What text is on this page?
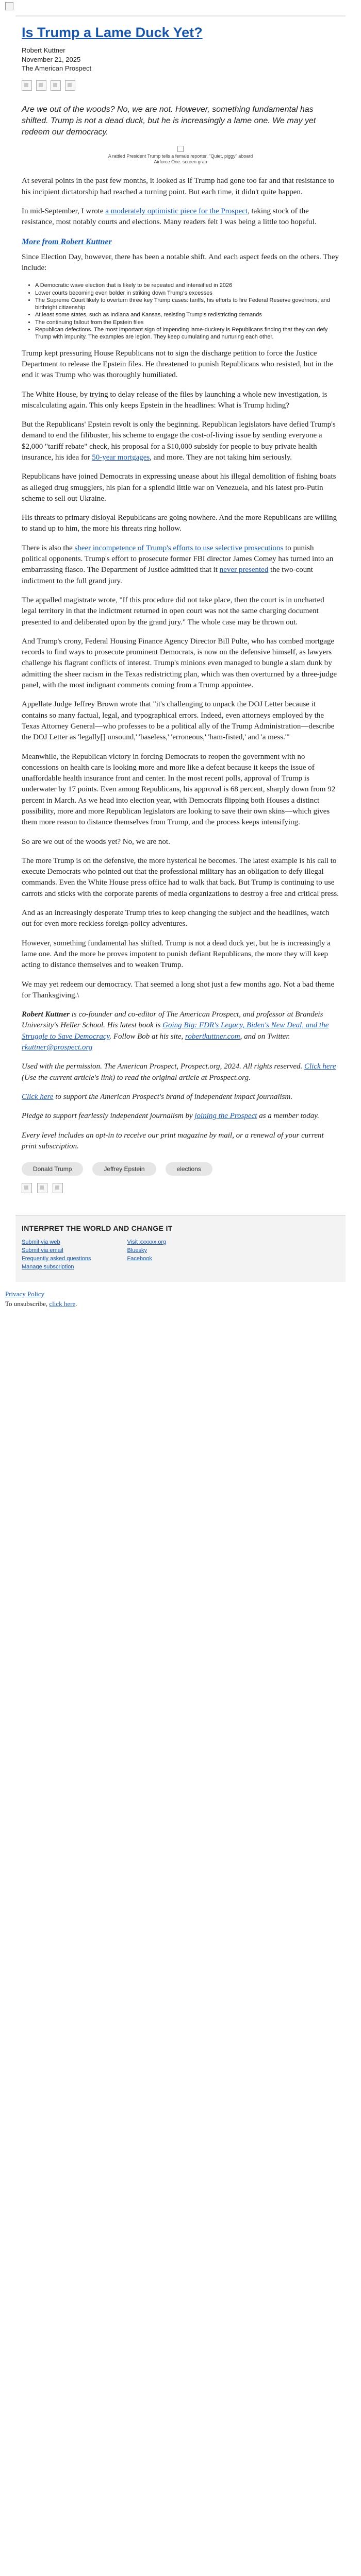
Is Trump a Lame Duck Yet?
Robert Kuttner
November 21, 2025
The American Prospect

Are we out of the woods? No, we are not. However, something fundamental has shifted. Trump is not a dead duck, but he is increasingly a lame one. We may yet redeem our democracy.

A rattled President Trump tells a female reporter, "Quiet, piggy" aboard Airforce One. screen grab

At several points in the past few months, it looked as if Trump had gone too far and that resistance to his incipient dictatorship had reached a turning point. But each time, it didn't quite happen.

In mid-September, I wrote a moderately optimistic piece for the Prospect, taking stock of the resistance, most notably courts and elections. Many readers felt I was being a little too hopeful.

More from Robert Kuttner

Since Election Day, however, there has been a notable shift. And each aspect feeds on the others. They include:

• A Democratic wave election that is likely to be repeated and intensified in 2026
• Lower courts becoming even bolder in striking down Trump's excesses
• The Supreme Court likely to overturn three key Trump cases: tariffs, his efforts to fire Federal Reserve governors, and birthright citizenship
• At least some states, such as Indiana and Kansas, resisting Trump's redistricting demands
• The continuing fallout from the Epstein files
• Republican defections. The most important sign of impending lame-duckery is Republicans finding that they can defy Trump with impunity. The examples are legion. They keep cumulating and nurturing each other.

Trump kept pressuring House Republicans not to sign the discharge petition to force the Justice Department to release the Epstein files. He threatened to punish Republicans who resisted, but in the end it was Trump who was thoroughly humiliated.

The White House, by trying to delay release of the files by launching a whole new investigation, is miscalculating again. This only keeps Epstein in the headlines: What is Trump hiding?

But the Republicans' Epstein revolt is only the beginning. Republican legislators have defied Trump's demand to end the filibuster, his scheme to engage the cost-of-living issue by sending everyone a $2,000 "tariff rebate" check, his proposal for a $10,000 subsidy for people to buy private health insurance, his idea for 50-year mortgages, and more. They are not taking him seriously.

Republicans have joined Democrats in expressing unease about his illegal demolition of fishing boats as alleged drug smugglers, his plan for a splendid little war on Venezuela, and his latest pro-Putin scheme to sell out Ukraine.

His threats to primary disloyal Republicans are going nowhere. And the more Republicans are willing to stand up to him, the more his threats ring hollow.

There is also the sheer incompetence of Trump's efforts to use selective prosecutions to punish political opponents. Trump's effort to prosecute former FBI director James Comey has turned into an embarrassing fiasco. The Department of Justice admitted that it never presented the two-count indictment to the full grand jury.

The appalled magistrate wrote, "If this procedure did not take place, then the court is in uncharted legal territory in that the indictment returned in open court was not the same charging document presented to and deliberated upon by the grand jury." The whole case may be thrown out.

And Trump's crony, Federal Housing Finance Agency Director Bill Pulte, who has combed mortgage records to find ways to prosecute prominent Democrats, is now on the defensive himself, as lawyers challenge his flagrant conflicts of interest. Trump's minions even managed to bungle a slam dunk by admitting the sheer racism in the Texas redistricting plan, which was then overturned by a three-judge panel, with the most indignant comments coming from a Trump appointee.

Appellate Judge Jeffrey Brown wrote that "it's challenging to unpack the DOJ Letter because it contains so many factual, legal, and typographical errors. Indeed, even attorneys employed by the Texas Attorney General—who professes to be a political ally of the Trump Administration—describe the DOJ Letter as 'legally[] unsound,' 'baseless,' 'erroneous,' 'ham-fisted,' and 'a mess.'"

Meanwhile, the Republican victory in forcing Democrats to reopen the government with no concessions on health care is looking more and more like a defeat because it keeps the issue of unaffordable health insurance front and center. In the most recent polls, approval of Trump is underwater by 17 points. Even among Republicans, his approval is 68 percent, sharply down from 92 percent in March. As we head into election year, with Democrats flipping both Houses a distinct possibility, more and more Republican legislators are looking to save their own skins—which gives them more reason to distance themselves from Trump, and the process keeps intensifying.

So are we out of the woods yet? No, we are not.

The more Trump is on the defensive, the more hysterical he becomes. The latest example is his call to execute Democrats who pointed out that the professional military has an obligation to defy illegal commands. Even the White House press office had to walk that back. But Trump is continuing to use carrots and sticks with the corporate parents of media organizations to destroy a free and critical press.

And as an increasingly desperate Trump tries to keep changing the subject and the headlines, watch out for even more reckless foreign-policy adventures.

However, something fundamental has shifted. Trump is not a dead duck yet, but he is increasingly a lame one. And the more he proves impotent to punish defiant Republicans, the more they will keep acting to distance themselves and to weaken Trump.

We may yet redeem our democracy. That seemed a long shot just a few months ago. Not a bad theme for Thanksgiving.\

Robert Kuttner is co-founder and co-editor of The American Prospect, and professor at Brandeis University's Heller School. His latest book is Going Big: FDR's Legacy, Biden's New Deal, and the Struggle to Save Democracy. Follow Bob at his site, robertkuttner.com, and on Twitter. rkuttner@prospect.org

Used with the permission. The American Prospect, Prospect.org, 2024. All rights reserved. Click here (Use the current article's link) to read the original article at Prospect.org.

Click here to support the American Prospect's brand of independent impact journalism.

Pledge to support fearlessly independent journalism by joining the Prospect as a member today.

Every level includes an opt-in to receive our print magazine by mail, or a renewal of your current print subscription.

Donald Trump	Jeffrey Epstein	elections
INTERPRET THE WORLD AND CHANGE IT
Submit via web
Submit via email
Frequently asked questions
Manage subscription
Visit xxxxxx.org
Bluesky
Facebook
Privacy Policy
To unsubscribe, click here.
